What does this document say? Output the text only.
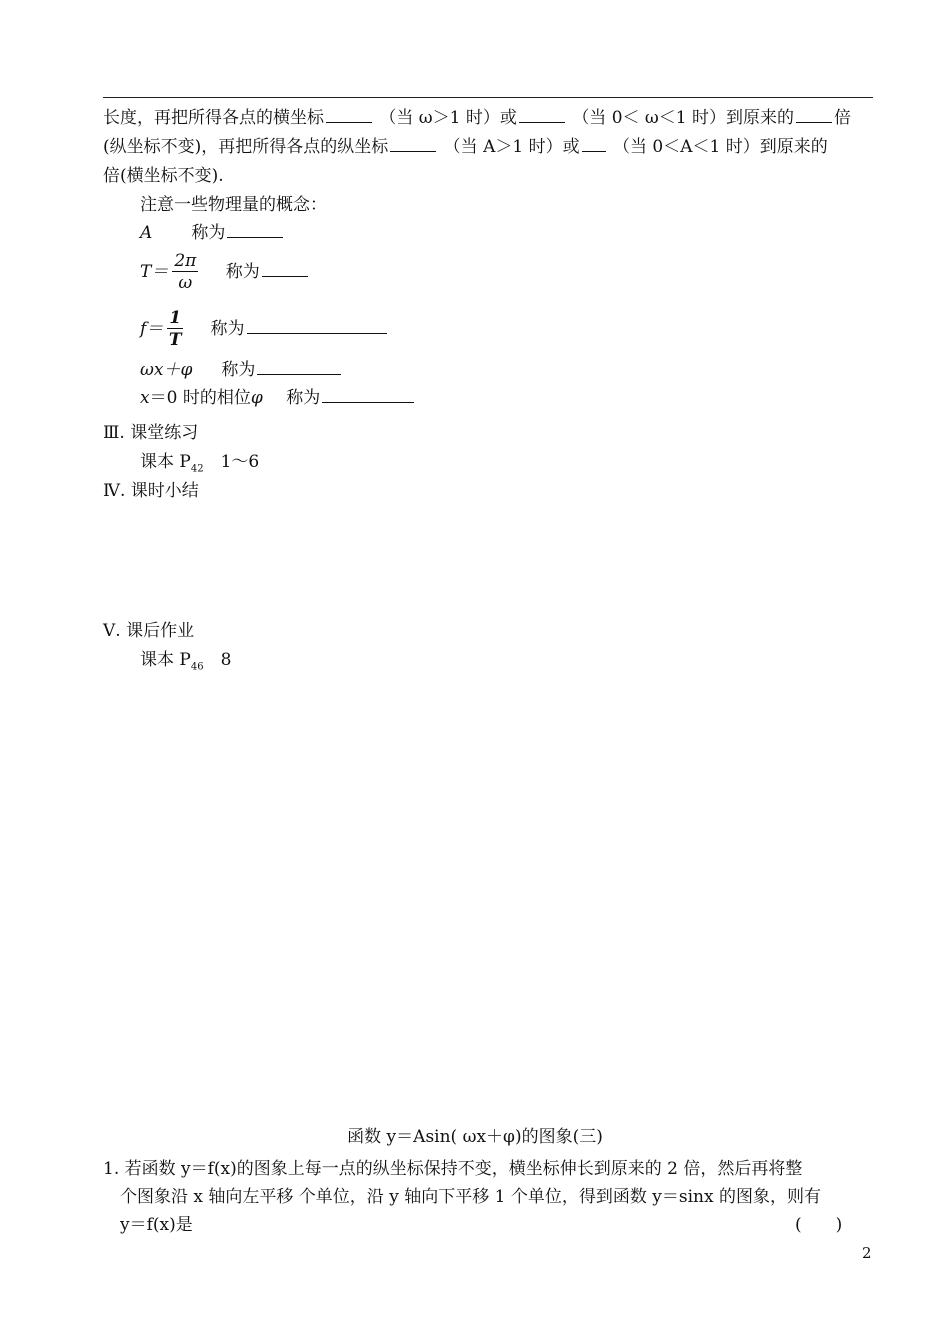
长度，再把所得各点的横坐标	（当 ω＞1 时）或	（当 0＜ ω＜1 时）到原来的 倍
(纵坐标不变)，再把所得各点的纵坐标	（当 A＞1 时）或 （当 0＜A＜1 时）到原来的
倍(横坐标不变).
注意一些物理量的概念：
A 称为
$T= \frac{2\pi}{\omega}$ 称为
$f= \frac{1}{T}$ 称为
ωx＋φ 称为
x＝0 时的相位φ 称为
Ⅲ. 课堂练习
课本 $P_{42}$　1～6
Ⅳ. 课时小结
Ⅴ. 课后作业
课本 $P_{46}$　8
函数 y＝Asin( ωx＋φ)的图象(三)
1. 若函数 y＝f(x)的图象上每一点的纵坐标保持不变，横坐标伸长到原来的 2 倍，然后再将整
个图象沿 x 轴向左平移 个单位，沿 y 轴向下平移 1 个单位，得到函数 y＝sinx 的图象，则有
y＝f(x)是	(　　)
2
